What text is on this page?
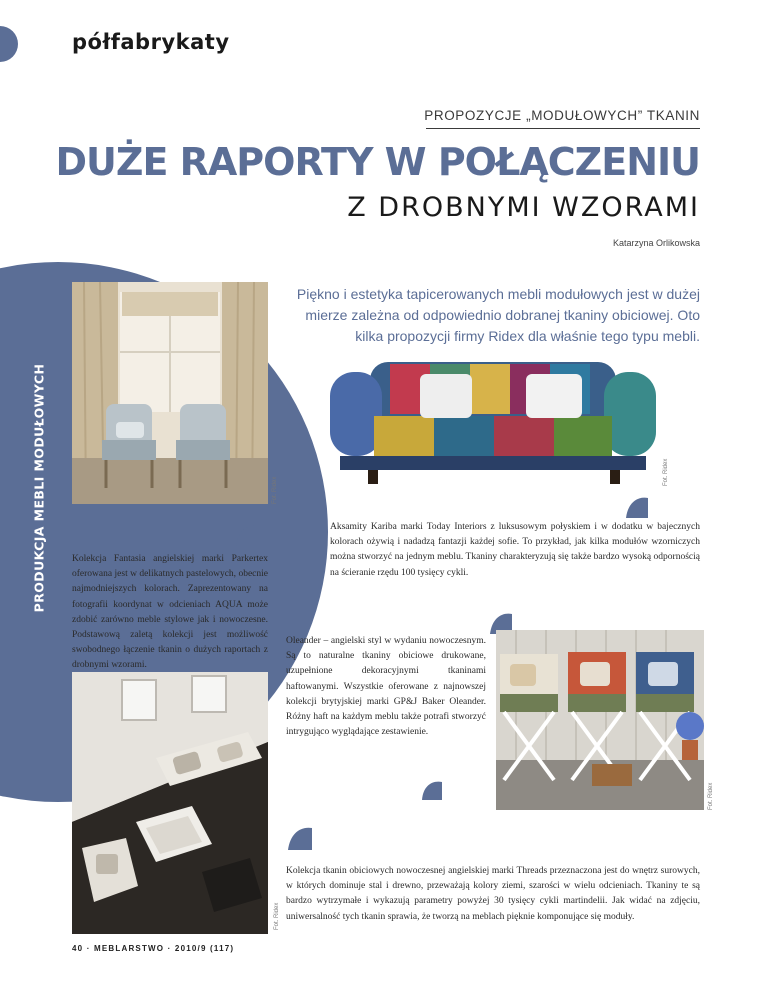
półfabrykaty
PROPOZYCJE „MODUŁOWYCH” TKANIN
DUŻE RAPORTY W POŁĄCZENIU
Z DROBNYMI WZORAMI
Katarzyna Orlikowska
PRODUKCJA MEBLI MODUŁOWYCH
Piękno i estetyka tapicerowanych mebli modułowych jest w dużej mierze zależna od odpowiednio dobranej tkaniny obiciowej. Oto kilka propozycji firmy Ridex dla właśnie tego typu mebli.
Fot. Ridex
Fot. Ridex
Aksamity Kariba marki Today Interiors z luksusowym połyskiem i w dodatku w bajecznych kolorach ożywią i nadadzą fantazji każdej sofie. To przykład, jak kilka modułów wzorniczych można stworzyć na jednym meblu. Tkaniny charakteryzują się także bardzo wysoką odpornością na ścieranie rzędu 100 tysięcy cykli.
Kolekcja Fantasia angielskiej marki Parkertex oferowana jest w delikatnych pastelowych, obecnie najmodniejszych kolorach. Zaprezentowany na fotografii koordynat w odcieniach AQUA może zdobić zarówno meble stylowe jak i nowoczesne. Podstawową zaletą kolekcji jest możliwość swobodnego łączenie tkanin o dużych raportach z drobnymi wzorami.
Oleander – angielski styl w wydaniu nowoczesnym. Są to naturalne tkaniny obiciowe drukowane, uzupełnione dekoracyjnymi tkaninami haftowanymi. Wszystkie oferowane z najnowszej kolekcji brytyjskiej marki GP&J Baker Oleander. Różny haft na każdym meblu także potrafi stworzyć intrygująco wyglądające zestawienie.
Fot. Ridex
Fot. Ridex
Kolekcja tkanin obiciowych nowoczesnej angielskiej marki Threads przeznaczona jest do wnętrz surowych, w których dominuje stal i drewno, przeważają kolory ziemi, szarości w wielu odcieniach. Tkaniny te są bardzo wytrzymałe i wykazują parametry powyżej 30 tysięcy cykli martindelii. Jak widać na zdjęciu, uniwersalność tych tkanin sprawia, że tworzą na meblach pięknie komponujące się moduły.
40 · MEBLARSTWO · 2010/9 (117)
